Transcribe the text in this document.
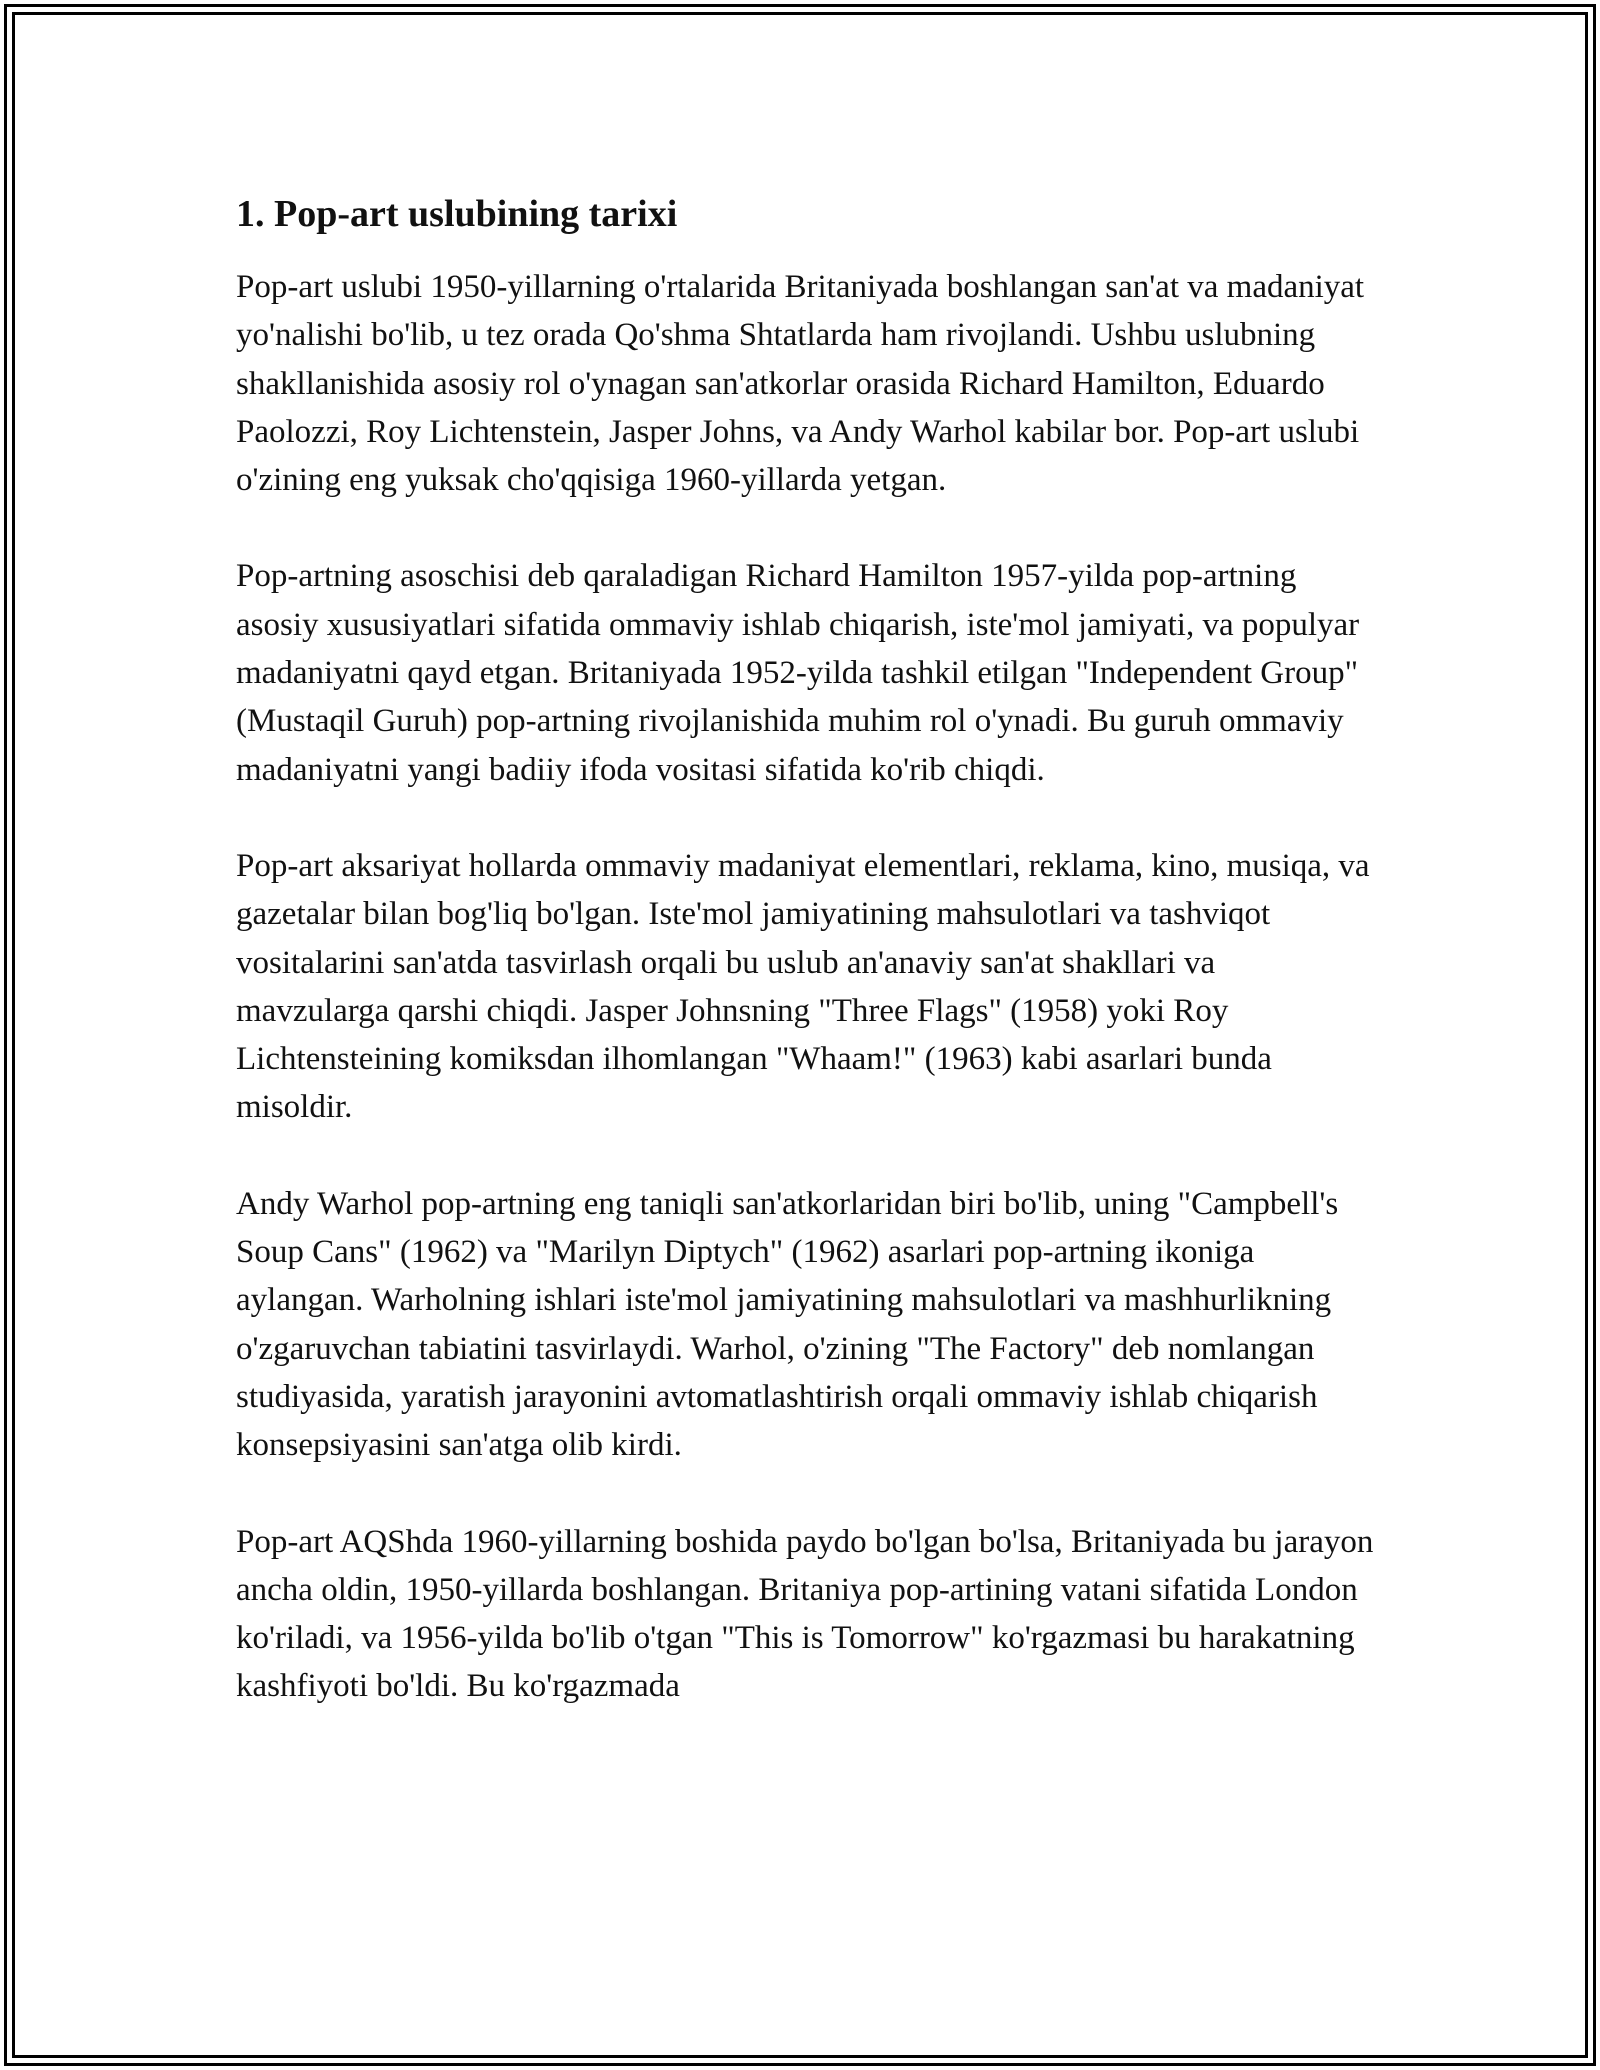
1. Pop-art uslubining tarixi

Pop-art uslubi 1950-yillarning o'rtalarida Britaniyada boshlangan san'at va madaniyat yo'nalishi bo'lib, u tez orada Qo'shma Shtatlarda ham rivojlandi. Ushbu uslubning shakllanishida asosiy rol o'ynagan san'atkorlar orasida Richard Hamilton, Eduardo Paolozzi, Roy Lichtenstein, Jasper Johns, va Andy Warhol kabilar bor. Pop-art uslubi o'zining eng yuksak cho'qqisiga 1960-yillarda yetgan.

Pop-artning asoschisi deb qaraladigan Richard Hamilton 1957-yilda pop-artning asosiy xususiyatlari sifatida ommaviy ishlab chiqarish, iste'mol jamiyati, va populyar madaniyatni qayd etgan. Britaniyada 1952-yilda tashkil etilgan "Independent Group" (Mustaqil Guruh) pop-artning rivojlanishida muhim rol o'ynadi. Bu guruh ommaviy madaniyatni yangi badiiy ifoda vositasi sifatida ko'rib chiqdi.

Pop-art aksariyat hollarda ommaviy madaniyat elementlari, reklama, kino, musiqa, va gazetalar bilan bog'liq bo'lgan. Iste'mol jamiyatining mahsulotlari va tashviqot vositalarini san'atda tasvirlash orqali bu uslub an'anaviy san'at shakllari va mavzularga qarshi chiqdi. Jasper Johnsning "Three Flags" (1958) yoki Roy Lichtensteining komiksdan ilhomlangan "Whaam!" (1963) kabi asarlari bunda misoldir.

Andy Warhol pop-artning eng taniqli san'atkorlaridan biri bo'lib, uning "Campbell's Soup Cans" (1962) va "Marilyn Diptych" (1962) asarlari pop-artning ikoniga aylangan. Warholning ishlari iste'mol jamiyatining mahsulotlari va mashhurlikning o'zgaruvchan tabiatini tasvirlaydi. Warhol, o'zining "The Factory" deb nomlangan studiyasida, yaratish jarayonini avtomatlashtirish orqali ommaviy ishlab chiqarish konsepsiyasini san'atga olib kirdi.

Pop-art AQShda 1960-yillarning boshida paydo bo'lgan bo'lsa, Britaniyada bu jarayon ancha oldin, 1950-yillarda boshlangan. Britaniya pop-artining vatani sifatida London ko'riladi, va 1956-yilda bo'lib o'tgan "This is Tomorrow" ko'rgazmasi bu harakatning kashfiyoti bo'ldi. Bu ko'rgazmada
